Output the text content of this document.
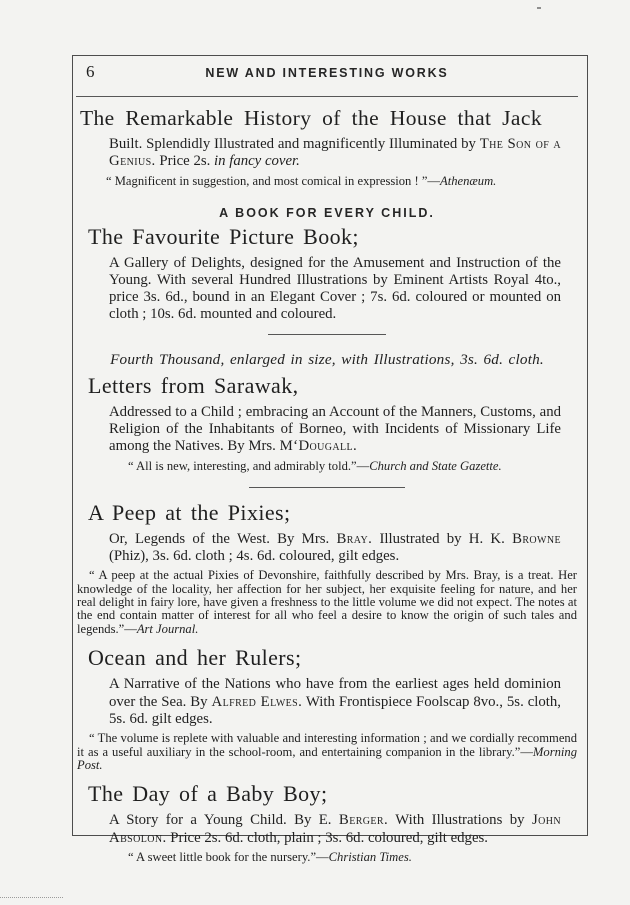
6	NEW AND INTERESTING WORKS
The Remarkable History of the House that Jack

Built. Splendidly Illustrated and magnificently Illuminated by The Son of a Genius. Price 2s. in fancy cover.

“ Magnificent in suggestion, and most comical in expression ! ”—Athenæum.

A BOOK FOR EVERY CHILD.
The Favourite Picture Book;

A Gallery of Delights, designed for the Amusement and Instruction of the Young. With several Hundred Illustrations by Eminent Artists Royal 4to., price 3s. 6d., bound in an Elegant Cover ; 7s. 6d. coloured or mounted on cloth ; 10s. 6d. mounted and coloured.

Fourth Thousand, enlarged in size, with Illustrations, 3s. 6d. cloth.
Letters from Sarawak,

Addressed to a Child ; embracing an Account of the Manners, Customs, and Religion of the Inhabitants of Borneo, with Incidents of Missionary Life among the Natives. By Mrs. M‘Dougall.

“ All is new, interesting, and admirably told.”—Church and State Gazette.

A Peep at the Pixies;

Or, Legends of the West. By Mrs. Bray. Illustrated by H. K. Browne (Phiz), 3s. 6d. cloth ; 4s. 6d. coloured, gilt edges.

“ A peep at the actual Pixies of Devonshire, faithfully described by Mrs. Bray, is a treat. Her knowledge of the locality, her affection for her subject, her exquisite feeling for nature, and her real delight in fairy lore, have given a freshness to the little volume we did not expect. The notes at the end contain matter of interest for all who feel a desire to know the origin of such tales and legends.”—Art Journal.

Ocean and her Rulers;

A Narrative of the Nations who have from the earliest ages held dominion over the Sea. By Alfred Elwes. With Frontispiece Foolscap 8vo., 5s. cloth, 5s. 6d. gilt edges.

“ The volume is replete with valuable and interesting information ; and we cordially recommend it as a useful auxiliary in the school-room, and entertaining companion in the library.”—Morning Post.

The Day of a Baby Boy;

A Story for a Young Child. By E. Berger. With Illustrations by John Absolon. Price 2s. 6d. cloth, plain ; 3s. 6d. coloured, gilt edges.

“ A sweet little book for the nursery.”—Christian Times.
